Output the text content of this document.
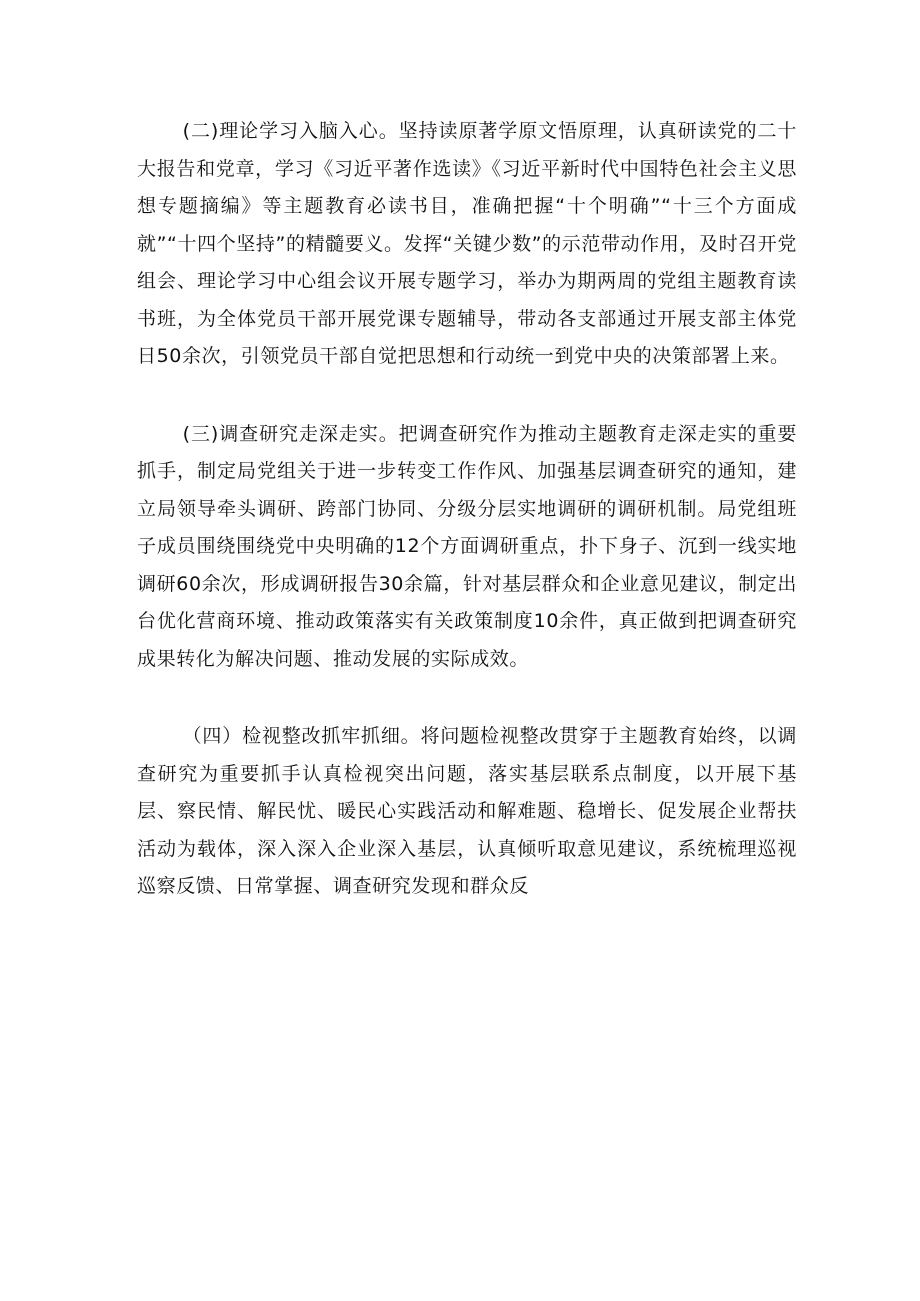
(二)理论学习入脑入心。坚持读原著学原文悟原理，认真研读党的二十大报告和党章，学习《习近平著作选读》《习近平新时代中国特色社会主义思想专题摘编》等主题教育必读书目，准确把握“十个明确”“十三个方面成就”“十四个坚持”的精髓要义。发挥“关键少数”的示范带动作用，及时召开党组会、理论学习中心组会议开展专题学习，举办为期两周的党组主题教育读书班，为全体党员干部开展党课专题辅导，带动各支部通过开展支部主体党日50余次，引领党员干部自觉把思想和行动统一到党中央的决策部署上来。

(三)调查研究走深走实。把调查研究作为推动主题教育走深走实的重要抓手，制定局党组关于进一步转变工作作风、加强基层调查研究的通知，建立局领导牵头调研、跨部门协同、分级分层实地调研的调研机制。局党组班子成员围绕围绕党中央明确的12个方面调研重点，扑下身子、沉到一线实地调研60余次，形成调研报告30余篇，针对基层群众和企业意见建议，制定出台优化营商环境、推动政策落实有关政策制度10余件，真正做到把调查研究成果转化为解决问题、推动发展的实际成效。

（四）检视整改抓牢抓细。将问题检视整改贯穿于主题教育始终，以调查研究为重要抓手认真检视突出问题，落实基层联系点制度，以开展下基层、察民情、解民忧、暖民心实践活动和解难题、稳增长、促发展企业帮扶活动为载体，深入深入企业深入基层，认真倾听取意见建议，系统梳理巡视巡察反馈、日常掌握、调查研究发现和群众反
